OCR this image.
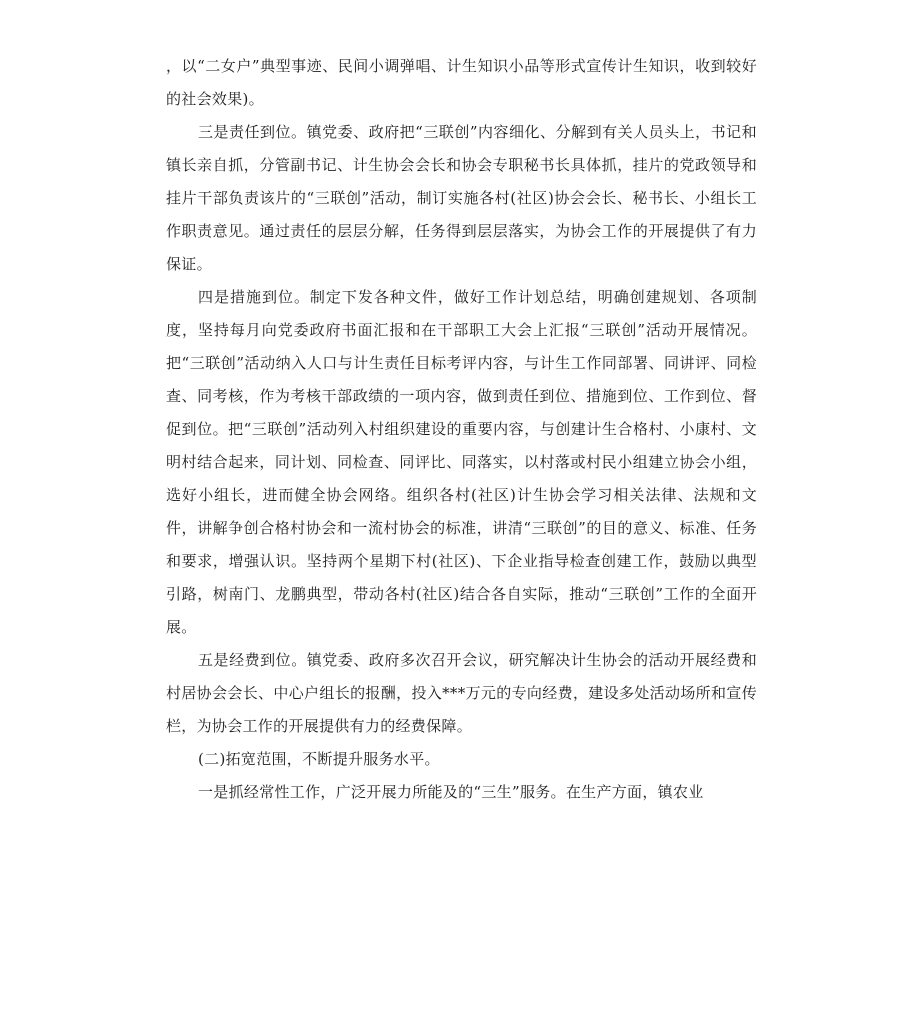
，以“二女户”典型事迹、民间小调弹唱、计生知识小品等形式宣传计生知识，收到较好的社会效果)。

三是责任到位。镇党委、政府把“三联创”内容细化、分解到有关人员头上，书记和镇长亲自抓，分管副书记、计生协会会长和协会专职秘书长具体抓，挂片的党政领导和挂片干部负责该片的“三联创”活动，制订实施各村(社区)协会会长、秘书长、小组长工作职责意见。通过责任的层层分解，任务得到层层落实，为协会工作的开展提供了有力保证。

四是措施到位。制定下发各种文件，做好工作计划总结，明确创建规划、各项制度，坚持每月向党委政府书面汇报和在干部职工大会上汇报“三联创”活动开展情况。把“三联创”活动纳入人口与计生责任目标考评内容，与计生工作同部署、同讲评、同检查、同考核，作为考核干部政绩的一项内容，做到责任到位、措施到位、工作到位、督促到位。把“三联创”活动列入村组织建设的重要内容，与创建计生合格村、小康村、文明村结合起来，同计划、同检查、同评比、同落实，以村落或村民小组建立协会小组，选好小组长，进而健全协会网络。组织各村(社区)计生协会学习相关法律、法规和文件，讲解争创合格村协会和一流村协会的标准，讲清“三联创”的目的意义、标准、任务和要求，增强认识。坚持两个星期下村(社区)、下企业指导检查创建工作，鼓励以典型引路，树南门、龙鹏典型，带动各村(社区)结合各自实际，推动“三联创”工作的全面开展。

五是经费到位。镇党委、政府多次召开会议，研究解决计生协会的活动开展经费和村居协会会长、中心户组长的报酬，投入***万元的专向经费，建设多处活动场所和宣传栏，为协会工作的开展提供有力的经费保障。

(二)拓宽范围，不断提升服务水平。

一是抓经常性工作，广泛开展力所能及的“三生”服务。在生产方面，镇农业
